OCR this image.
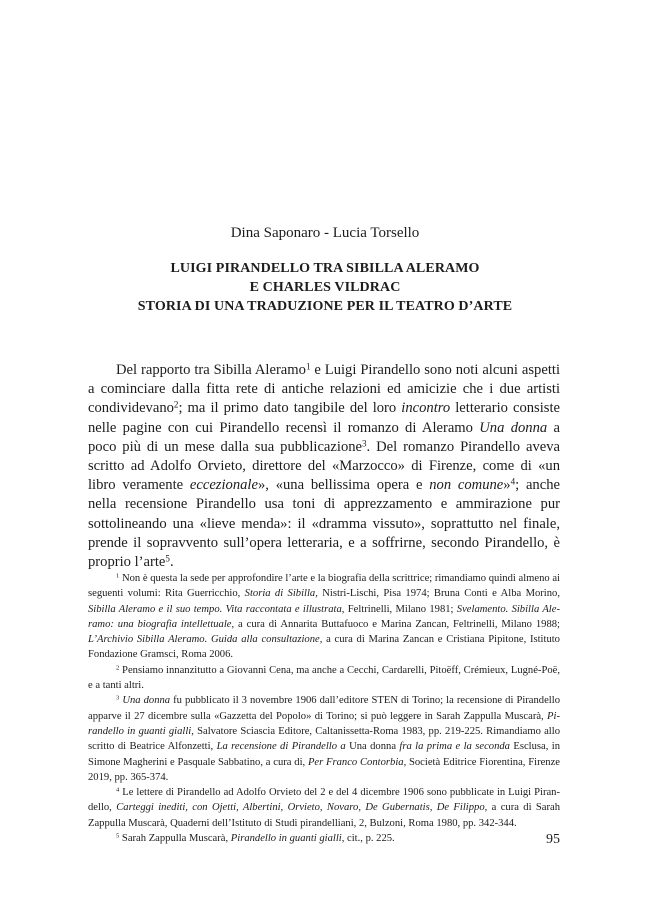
Dina Saponaro - Lucia Torsello
LUIGI PIRANDELLO TRA SIBILLA ALERAMO
E CHARLES VILDRAC
STORIA DI UNA TRADUZIONE PER IL TEATRO D’ARTE

Del rapporto tra Sibilla Aleramo$^1$ e Luigi Pirandello sono noti alcuni aspetti a cominciare dalla fitta rete di antiche relazioni ed amicizie che i due artisti condividevano$^2$; ma il primo dato tangibile del loro incontro letterario consiste nelle pagine con cui Pirandello recensì il romanzo di Aleramo Una donna a poco più di un mese dalla sua pubblicazione$^3$. Del romanzo Pirandello aveva scritto ad Adolfo Orvieto, direttore del «Marzocco» di Firenze, come di «un libro veramente eccezionale», «una bellissima opera e non comune»$^4$; anche nella recensione Pirandello usa toni di apprezzamento e ammirazione pur sottolineando una «lieve menda»: il «dramma vissuto», soprattutto nel finale, prende il sopravvento sull’opera letteraria, e a soffrirne, secondo Pirandello, è proprio l’arte$^5$.

$^1$ Non è questa la sede per approfondire l’arte e la biografia della scrittrice; rimandiamo quindi almeno ai seguenti volumi: Rita Guerricchio, Storia di Sibilla, Nistri-Lischi, Pisa 1974; Bruna Conti e Alba Morino, Sibilla Aleramo e il suo tempo. Vita raccontata e illustrata, Feltrinelli, Milano 1981; Svelamento. Sibilla Aleramo: una biografia intellettuale, a cura di Annarita Buttafuoco e Marina Zancan, Feltrinelli, Milano 1988; L’Archivio Sibilla Aleramo. Guida alla consultazione, a cura di Marina Zancan e Cristiana Pipitone, Istituto Fondazione Gramsci, Roma 2006.

$^2$ Pensiamo innanzitutto a Giovanni Cena, ma anche a Cecchi, Cardarelli, Pitoëff, Crémieux, Lugné-Poë, e a tanti altri.

$^3$ Una donna fu pubblicato il 3 novembre 1906 dall’editore STEN di Torino; la recensione di Pirandello apparve il 27 dicembre sulla «Gazzetta del Popolo» di Torino; si può leggere in Sarah Zappulla Muscarà, Pirandello in guanti gialli, Salvatore Sciascia Editore, Caltanissetta-Roma 1983, pp. 219-225. Rimandiamo allo scritto di Beatrice Alfonzetti, La recensione di Pirandello a Una donna fra la prima e la seconda Esclusa, in Simone Magherini e Pasquale Sabbatino, a cura di, Per Franco Contorbia, Società Editrice Fiorentina, Firenze 2019, pp. 365-374.

$^4$ Le lettere di Pirandello ad Adolfo Orvieto del 2 e del 4 dicembre 1906 sono pubblicate in Luigi Pirandello, Carteggi inediti, con Ojetti, Albertini, Orvieto, Novaro, De Gubernatis, De Filippo, a cura di Sarah Zappulla Muscarà, Quaderni dell’Istituto di Studi pirandelliani, 2, Bulzoni, Roma 1980, pp. 342-344.

$^5$ Sarah Zappulla Muscarà, Pirandello in guanti gialli, cit., p. 225.	95
